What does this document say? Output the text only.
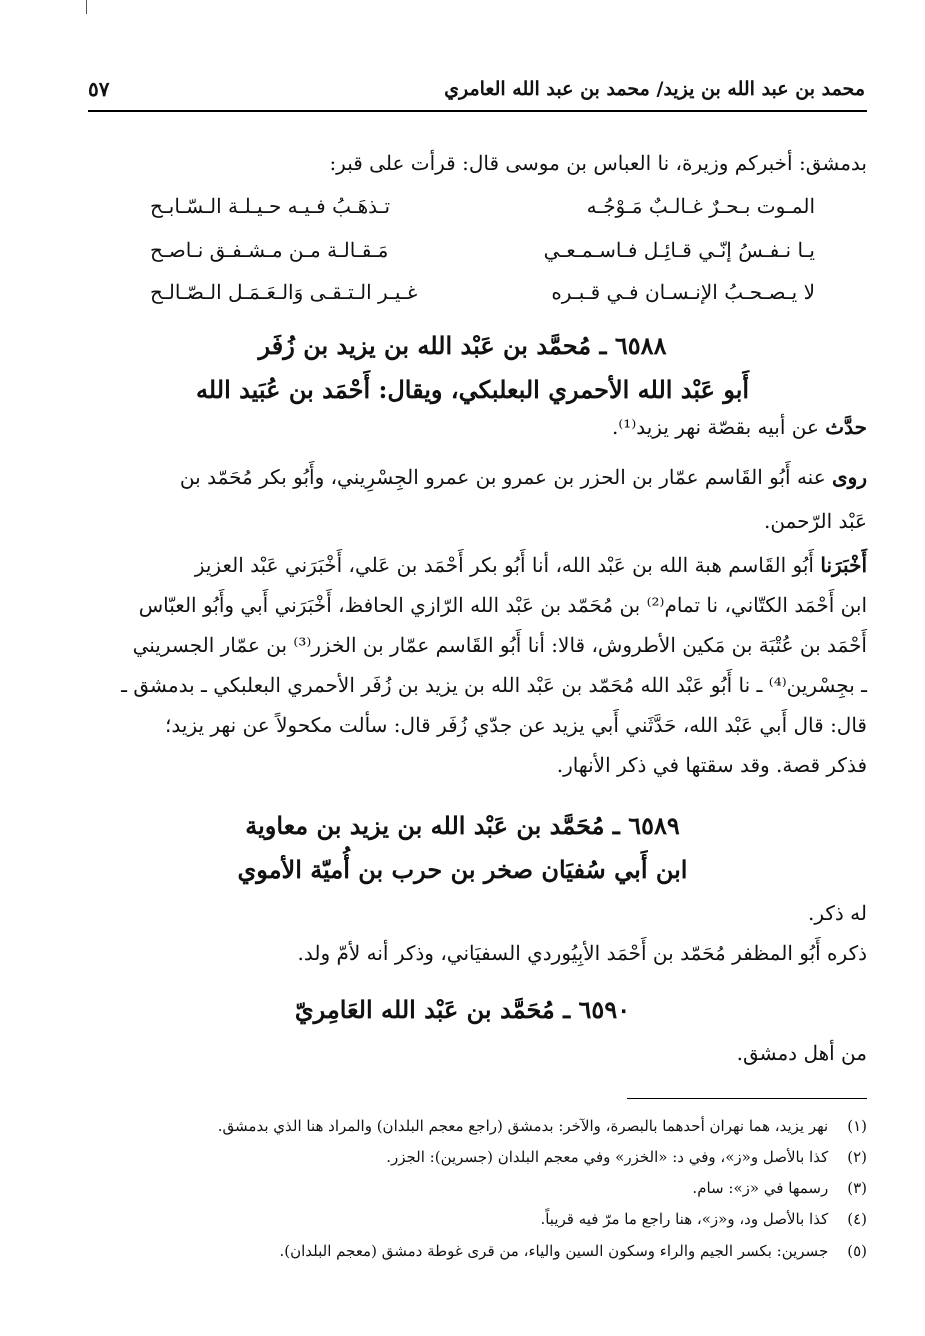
محمد بن عبد الله بن يزيد/ محمد بن عبد الله العامري
٥٧
بدمشق: أخبركم وزيرة، نا العباس بن موسى قال: قرأت على قبر:
المـوت بـحـرٌ غـالـبٌ مَـوْجُـه
تـذهَـبُ فـيـه حـيـلـة الـسّـابـح
يـا نـفـسُ إنّـي قـائِـل فـاسـمـعـي
مَـقـالـة مـن مـشـفـق نـاصـح
لا يـصـحـبُ الإنـسـان فـي قـبـره
غـيـر الـتـقـى وَالـعَـمَـل الـصّـالـح
٦٥٨٨ ـ مُحمَّد بن عَبْد الله بن يزيد بن زُفَر
أَبو عَبْد الله الأحمري البعلبكي، ويقال: أَحْمَد بن عُبَيد الله
حدَّث عن أبيه بقصّة نهر يزيد⁽¹⁾.
روى عنه أَبُو القَاسم عمّار بن الحزر بن عمرو بن عمرو الجِسْرِيني، وأَبُو بكر مُحَمّد بن
عَبْد الرّحمن.
أَخْبَرَنا أَبُو القَاسم هبة الله بن عَبْد الله، أنا أَبُو بكر أَحْمَد بن عَلي، أَخْبَرَني عَبْد العزيز
ابن أَحْمَد الكتّاني، نا تمام⁽²⁾ بن مُحَمّد بن عَبْد الله الرّازي الحافظ، أَخْبَرَني أَبي وأَبُو العبّاس
أَحْمَد بن عُتْبَة بن مَكين الأطروش، قالا: أنا أَبُو القَاسم عمّار بن الخزر⁽³⁾ بن عمّار الجسريني
ـ بجِسْرين⁽⁴⁾ ـ نا أَبُو عَبْد الله مُحَمّد بن عَبْد الله بن يزيد بن زُفَر الأحمري البعلبكي ـ بدمشق ـ
قال: قال أَبي عَبْد الله، حَدَّثَني أَبي يزيد عن جدّي زُفَر قال: سألت مكحولاً عن نهر يزيد؛
فذكر قصة. وقد سقتها في ذكر الأنهار.
٦٥٨٩ ـ مُحَمَّد بن عَبْد الله بن يزيد بن معاوية
ابن أَبي سُفيَان صخر بن حرب بن أُميّة الأموي
له ذكر.
ذكره أَبُو المظفر مُحَمّد بن أَحْمَد الأبِيُوردي السفيَاني، وذكر أنه لأمّ ولد.
٦٥٩٠ ـ مُحَمَّد بن عَبْد الله العَامِريّ
من أهل دمشق.
(١) نهر يزيد، هما نهران أحدهما بالبصرة، والآخر: بدمشق (راجع معجم البلدان) والمراد هنا الذي بدمشق.
(٢) كذا بالأصل و«ز»، وفي د: «الخزر» وفي معجم البلدان (جسرين): الجزر.
(٣) رسمها في «ز»: سام.
(٤) كذا بالأصل ود، و«ز»، هنا راجع ما مرّ فيه قريباً.
(٥) جسرين: بكسر الجيم والراء وسكون السين والياء، من قرى غوطة دمشق (معجم البلدان).
